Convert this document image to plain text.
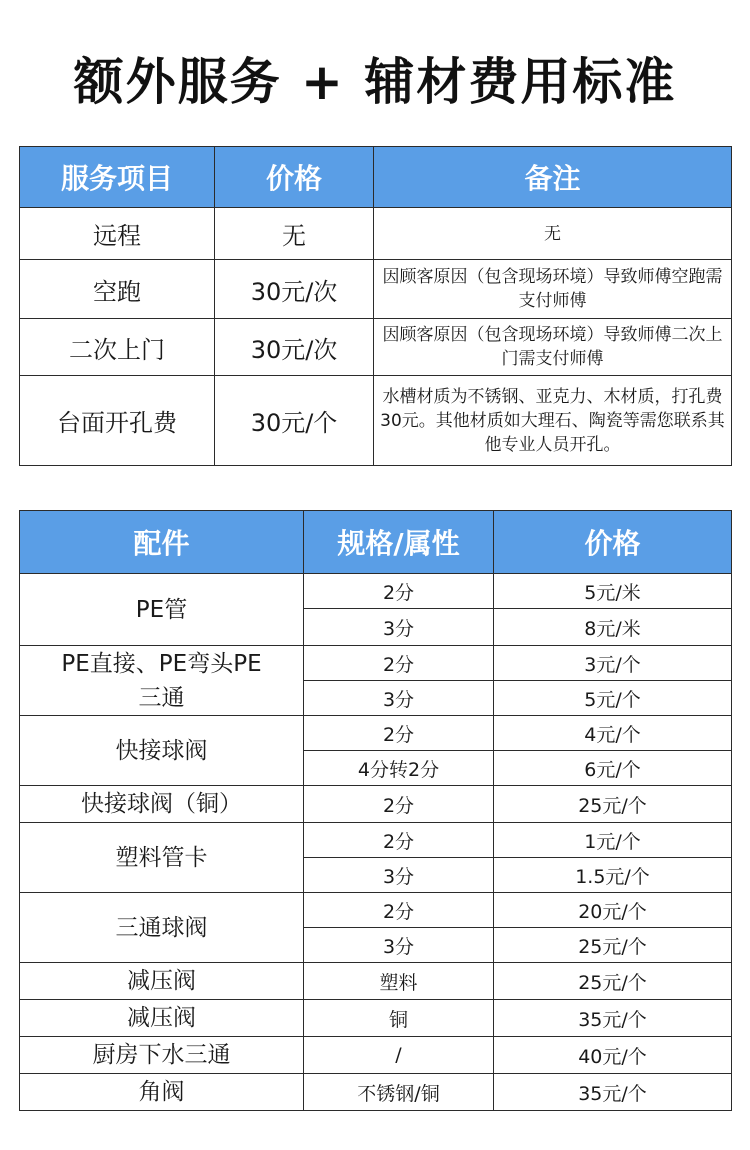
额外服务 + 辅材费用标准
服务项目	价格	备注
远程	无	无
空跑	30元/次	因顾客原因（包含现场环境）导致师傅空跑需支付师傅
二次上门	30元/次	因顾客原因（包含现场环境）导致师傅二次上门需支付师傅
台面开孔费	30元/个	水槽材质为不锈钢、亚克力、木材质，打孔费30元。其他材质如大理石、陶瓷等需您联系其他专业人员开孔。
配件	规格/属性	价格
PE管	2分	5元/米
	3分	8元/米
PE直接、PE弯头PE三通	2分	3元/个
	3分	5元/个
快接球阀	2分	4元/个
	4分转2分	6元/个
快接球阀（铜）	2分	25元/个
塑料管卡	2分	1元/个
	3分	1.5元/个
三通球阀	2分	20元/个
	3分	25元/个
减压阀	塑料	25元/个
减压阀	铜	35元/个
厨房下水三通	/	40元/个
角阀	不锈钢/铜	35元/个
